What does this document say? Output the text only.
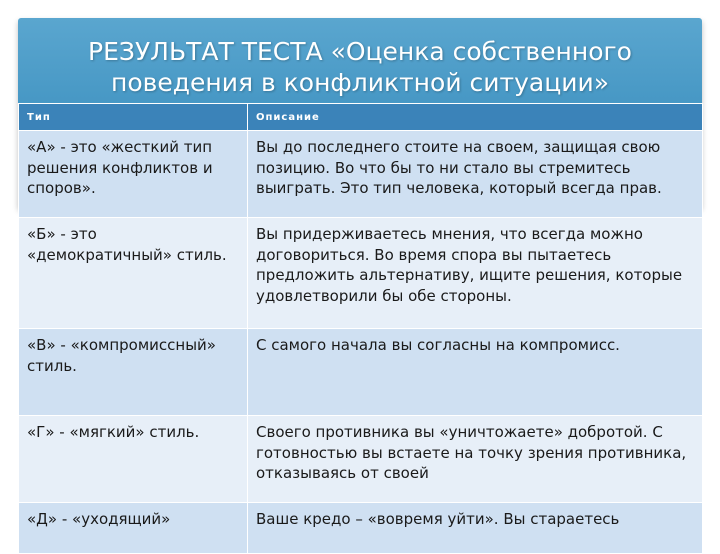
РЕЗУЛЬТАТ ТЕСТА «Оценка собственного поведения в конфликтной ситуации»
Тип	Описание
«А» - это «жесткий тип решения конфликтов и споров».	Вы до последнего стоите на своем, защищая свою позицию. Во что бы то ни стало вы стремитесь выиграть. Это тип человека, который всегда прав.
«Б» - это «демократичный» стиль.	Вы придерживаетесь мнения, что всегда можно договориться. Во время спора вы пытаетесь предложить альтернативу, ищите решения, которые удовлетворили бы обе стороны.
«В» - «компромиссный» стиль.	С самого начала вы согласны на компромисс.
«Г» - «мягкий» стиль.	Своего противника вы «уничтожаете» добротой. С готовностью вы встаете на точку зрения противника, отказываясь от своей
«Д» - «уходящий»	Ваше кредо – «вовремя уйти». Вы стараетесь
